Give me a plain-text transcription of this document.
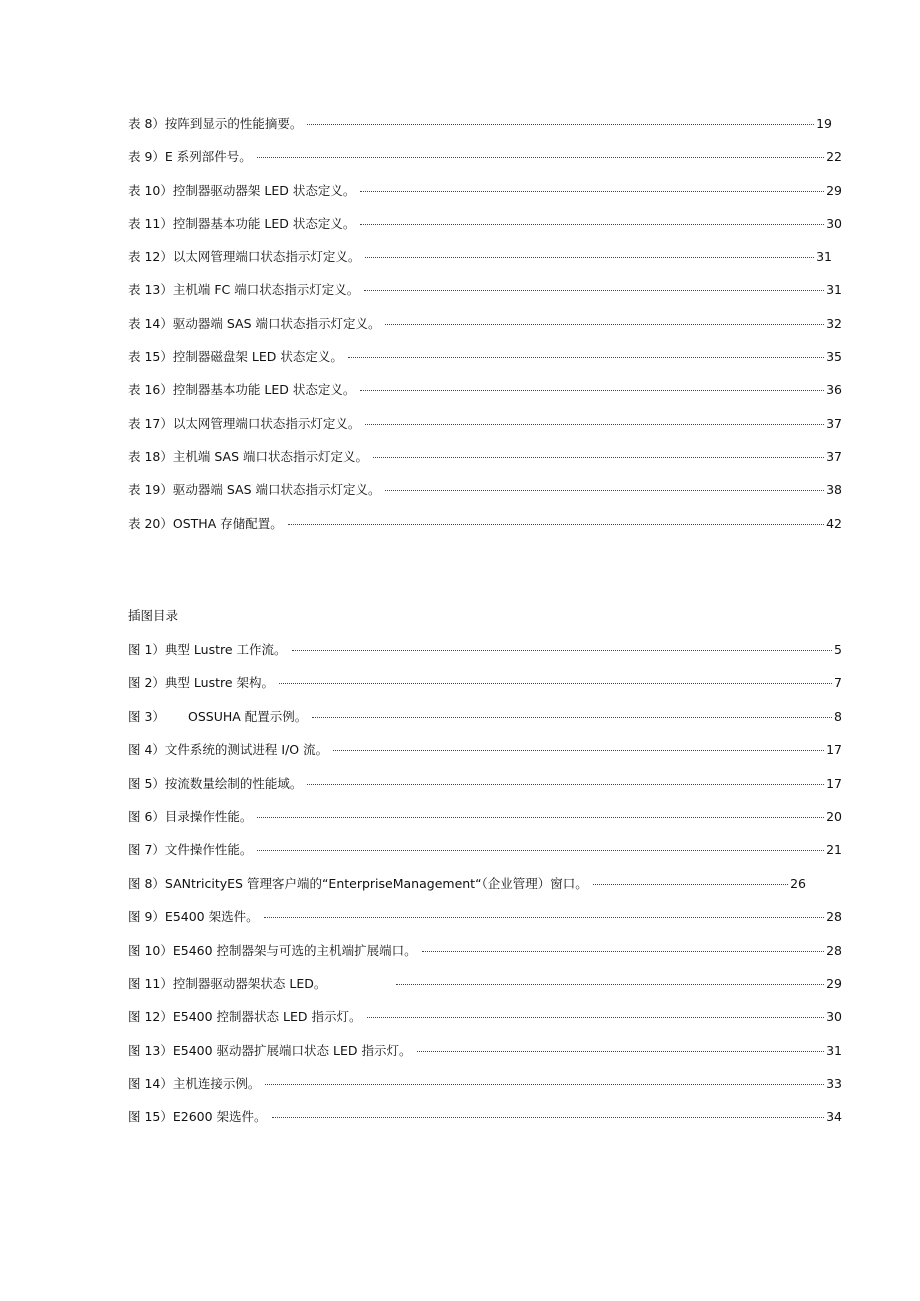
表 8）按阵到显示的性能摘要。	19
表 9）E 系列部件号。	22
表 10）控制器驱动器架 LED 状态定义。	29
表 11）控制器基本功能 LED 状态定义。	30
表 12）以太网管理端口状态指示灯定义。	31
表 13）主机端 FC 端口状态指示灯定义。	31
表 14）驱动器端 SAS 端口状态指示灯定义。	32
表 15）控制器磁盘架 LED 状态定义。	35
表 16）控制器基本功能 LED 状态定义。	36
表 17）以太网管理端口状态指示灯定义。	37
表 18）主机端 SAS 端口状态指示灯定义。	37
表 19）驱动器端 SAS 端口状态指示灯定义。	38
表 20）OSTHA 存储配置。	42
插图目录
图 1）典型 Lustre 工作流。	5
图 2）典型 Lustre 架构。	7
图 3） OSSUHA 配置示例。	8
图 4）文件系统的测试进程 I/O 流。	17
图 5）按流数量绘制的性能域。	17
图 6）目录操作性能。	20
图 7）文件操作性能。	21
图 8）SANtricityES 管理客户端的“EnterpriseManagement“（企业管理）窗口。	26
图 9）E5400 架选件。	28
图 10）E5460 控制器架与可选的主机端扩展端口。	28
图 11）控制器驱动器架状态 LED。	29
图 12）E5400 控制器状态 LED 指示灯。	30
图 13）E5400 驱动器扩展端口状态 LED 指示灯。	31
图 14）主机连接示例。	33
图 15）E2600 架选件。	34
